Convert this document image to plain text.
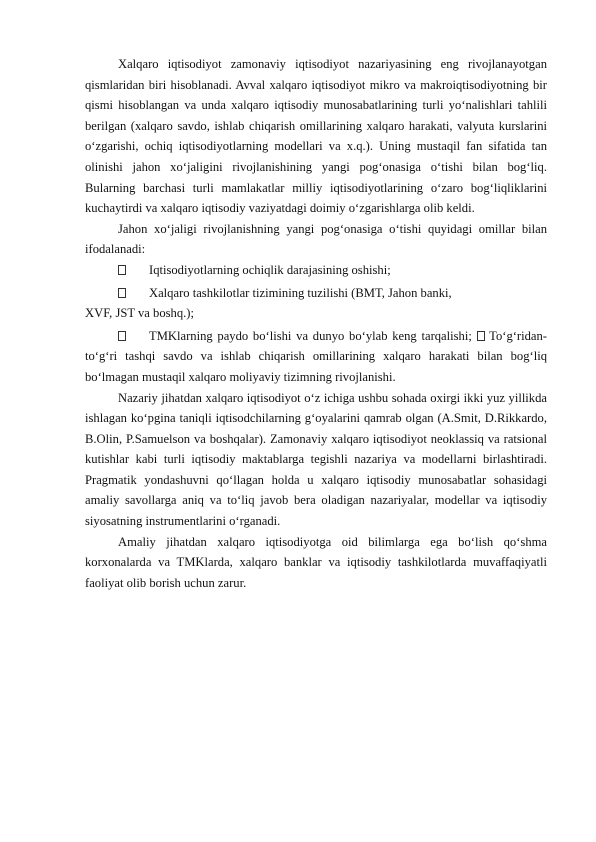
Xalqaro iqtisodiyot zamonaviy iqtisodiyot nazariyasining eng rivojlanayotgan qismlaridan biri hisoblanadi. Avval xalqaro iqtisodiyot mikro va makroiqtisodiyotning bir qismi hisoblangan va unda xalqaro iqtisodiy munosabatlarining turli yo‘nalishlari tahlili berilgan (xalqaro savdo, ishlab chiqarish omillarining xalqaro harakati, valyuta kurslarini o‘zgarishi, ochiq iqtisodiyotlarning modellari va x.q.). Uning mustaqil fan sifatida tan olinishi jahon xo‘jaligini rivojlanishining yangi pog‘onasiga o‘tishi bilan bog‘liq. Bularning barchasi turli mamlakatlar milliy iqtisodiyotlarining o‘zaro bog‘liqliklarini kuchaytirdi va xalqaro iqtisodiy vaziyatdagi doimiy o‘zgarishlarga olib keldi.

Jahon xo‘jaligi rivojlanishning yangi pog‘onasiga o‘tishi quyidagi omillar bilan ifodalanadi:

Iqtisodiyotlarning ochiqlik darajasining oshishi;

Xalqaro tashkilotlar tizimining tuzilishi (BMT, Jahon banki,

XVF, JST va boshq.);

TMKlarning paydo bo‘lishi va dunyo bo‘ylab keng tarqalishi; To‘g‘ridan-to‘g‘ri tashqi savdo va ishlab chiqarish omillarining xalqaro harakati bilan bog‘liq bo‘lmagan mustaqil xalqaro moliyaviy tizimning rivojlanishi.

Nazariy jihatdan xalqaro iqtisodiyot o‘z ichiga ushbu sohada oxirgi ikki yuz yillikda ishlagan ko‘pgina taniqli iqtisodchilarning g‘oyalarini qamrab olgan (A.Smit, D.Rikkardo, B.Olin, P.Samuelson va boshqalar). Zamonaviy xalqaro iqtisodiyot neoklassiq va ratsional kutishlar kabi turli iqtisodiy maktablarga tegishli nazariya va modellarni birlashtiradi. Pragmatik yondashuvni qo‘llagan holda u xalqaro iqtisodiy munosabatlar sohasidagi amaliy savollarga aniq va to‘liq javob bera oladigan nazariyalar, modellar va iqtisodiy siyosatning instrumentlarini o‘rganadi.

Amaliy jihatdan xalqaro iqtisodiyotga oid bilimlarga ega bo‘lish qo‘shma korxonalarda va TMKlarda, xalqaro banklar va iqtisodiy tashkilotlarda muvaffaqiyatli faoliyat olib borish uchun zarur.
